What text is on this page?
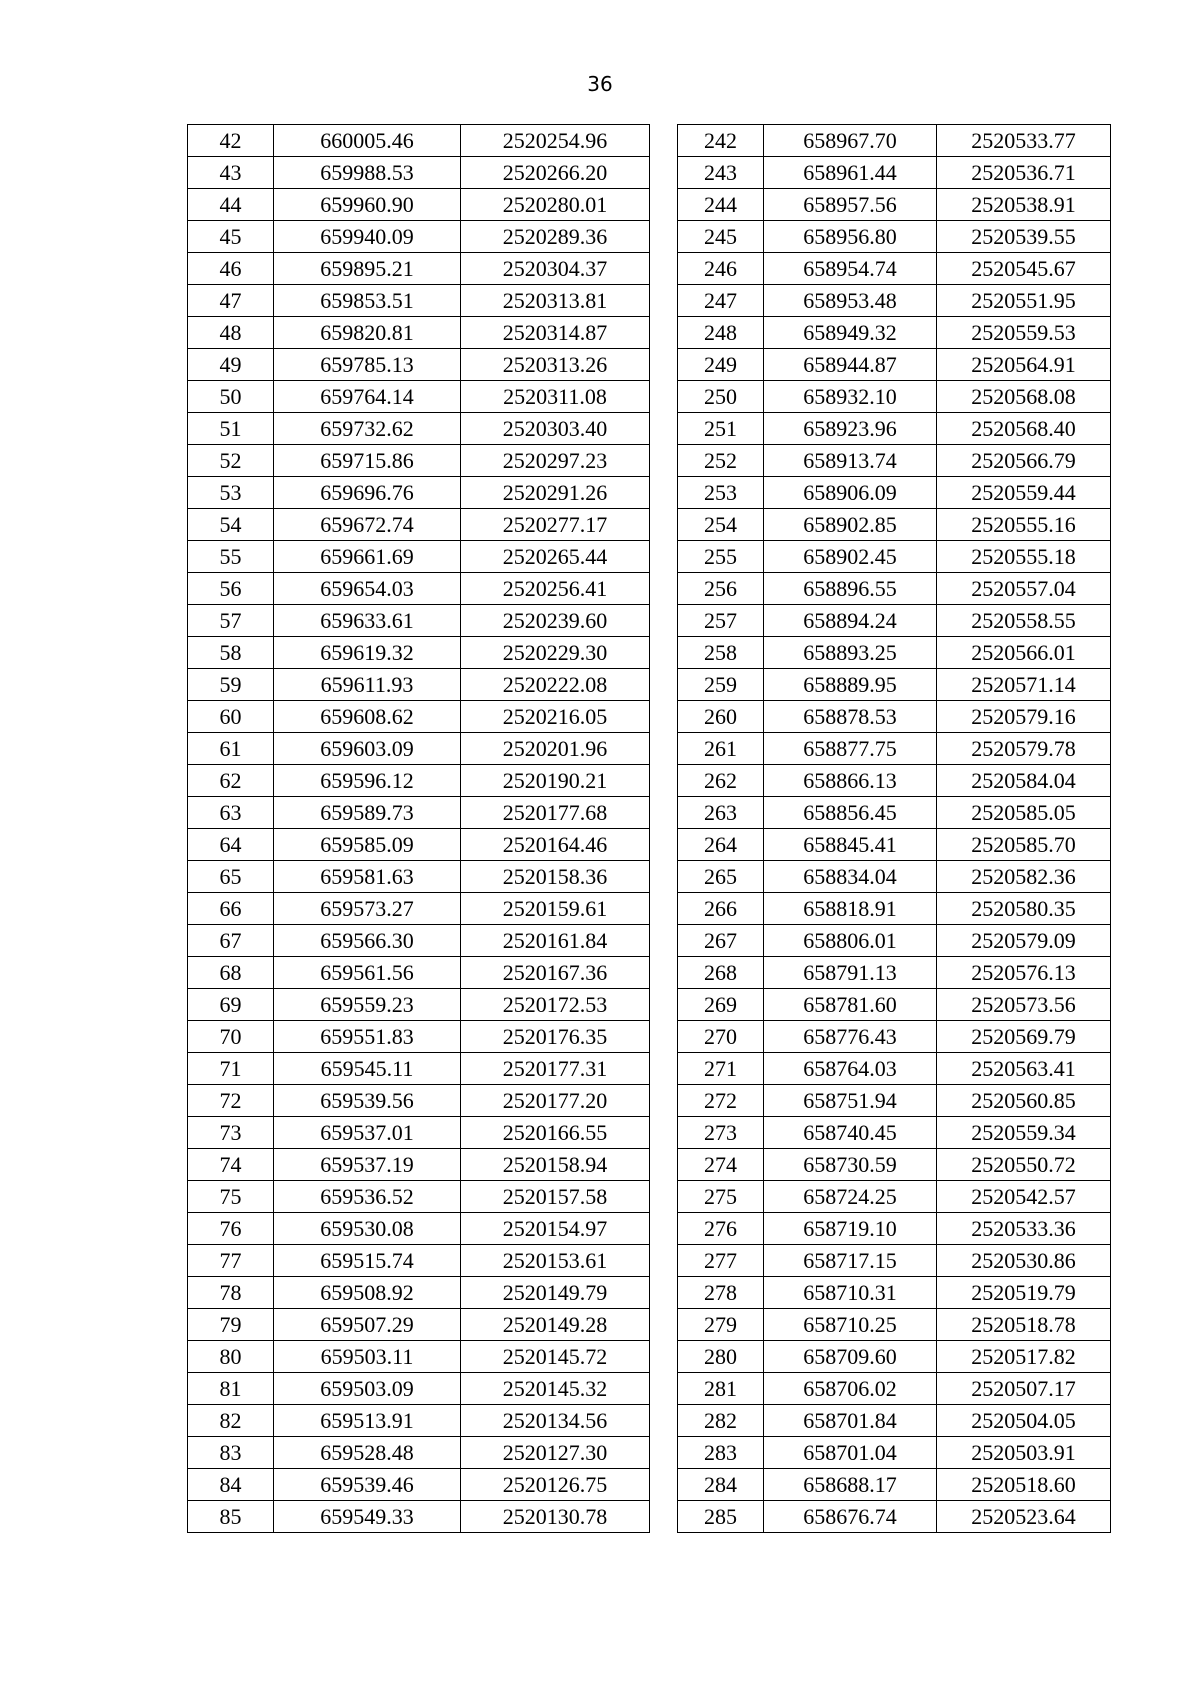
36
42	660005.46	2520254.96
43	659988.53	2520266.20
44	659960.90	2520280.01
45	659940.09	2520289.36
46	659895.21	2520304.37
47	659853.51	2520313.81
48	659820.81	2520314.87
49	659785.13	2520313.26
50	659764.14	2520311.08
51	659732.62	2520303.40
52	659715.86	2520297.23
53	659696.76	2520291.26
54	659672.74	2520277.17
55	659661.69	2520265.44
56	659654.03	2520256.41
57	659633.61	2520239.60
58	659619.32	2520229.30
59	659611.93	2520222.08
60	659608.62	2520216.05
61	659603.09	2520201.96
62	659596.12	2520190.21
63	659589.73	2520177.68
64	659585.09	2520164.46
65	659581.63	2520158.36
66	659573.27	2520159.61
67	659566.30	2520161.84
68	659561.56	2520167.36
69	659559.23	2520172.53
70	659551.83	2520176.35
71	659545.11	2520177.31
72	659539.56	2520177.20
73	659537.01	2520166.55
74	659537.19	2520158.94
75	659536.52	2520157.58
76	659530.08	2520154.97
77	659515.74	2520153.61
78	659508.92	2520149.79
79	659507.29	2520149.28
80	659503.11	2520145.72
81	659503.09	2520145.32
82	659513.91	2520134.56
83	659528.48	2520127.30
84	659539.46	2520126.75
85	659549.33	2520130.78
242	658967.70	2520533.77
243	658961.44	2520536.71
244	658957.56	2520538.91
245	658956.80	2520539.55
246	658954.74	2520545.67
247	658953.48	2520551.95
248	658949.32	2520559.53
249	658944.87	2520564.91
250	658932.10	2520568.08
251	658923.96	2520568.40
252	658913.74	2520566.79
253	658906.09	2520559.44
254	658902.85	2520555.16
255	658902.45	2520555.18
256	658896.55	2520557.04
257	658894.24	2520558.55
258	658893.25	2520566.01
259	658889.95	2520571.14
260	658878.53	2520579.16
261	658877.75	2520579.78
262	658866.13	2520584.04
263	658856.45	2520585.05
264	658845.41	2520585.70
265	658834.04	2520582.36
266	658818.91	2520580.35
267	658806.01	2520579.09
268	658791.13	2520576.13
269	658781.60	2520573.56
270	658776.43	2520569.79
271	658764.03	2520563.41
272	658751.94	2520560.85
273	658740.45	2520559.34
274	658730.59	2520550.72
275	658724.25	2520542.57
276	658719.10	2520533.36
277	658717.15	2520530.86
278	658710.31	2520519.79
279	658710.25	2520518.78
280	658709.60	2520517.82
281	658706.02	2520507.17
282	658701.84	2520504.05
283	658701.04	2520503.91
284	658688.17	2520518.60
285	658676.74	2520523.64
